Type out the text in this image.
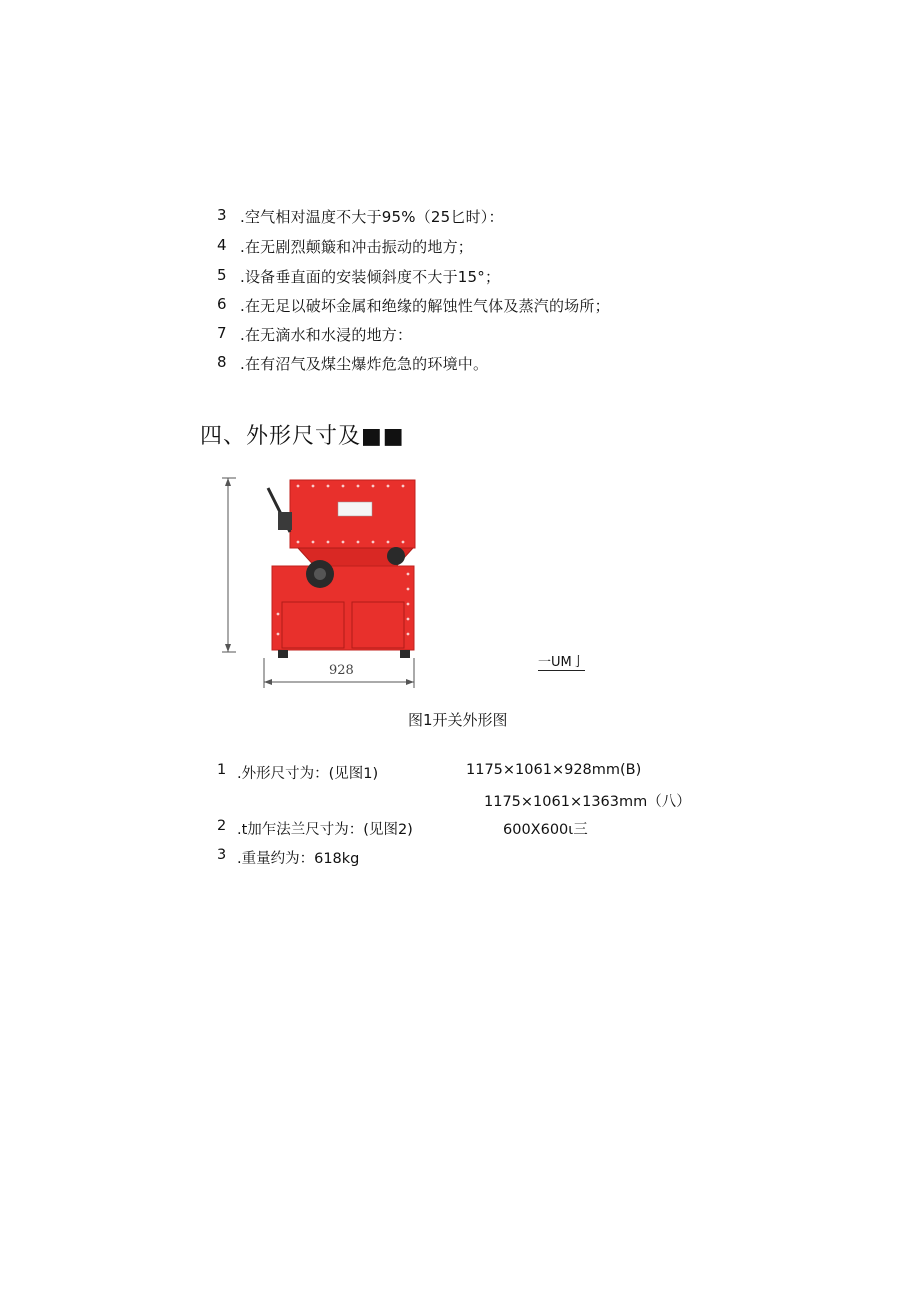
3 .空气相对温度不大于95%（25匕时）：
4 .在无剧烈颠簸和冲击振动的地方；
5 .设备垂直面的安装倾斜度不大于15°；
6 .在无足以破坏金属和绝缘的解蚀性气体及蒸汽的场所；
7 .在无滴水和水浸的地方：
8 .在有沼气及煤尘爆炸危急的环境中。
四、外形尺寸及■■
928
一UM亅
图1开关外形图
1 .外形尺寸为：(见图1)	1175×1061×928mm(B)
1175×1061×1363mm（八）
2 .t加乍法兰尺寸为：(见图2)	600X600ι三
3 .重量约为：618kg
